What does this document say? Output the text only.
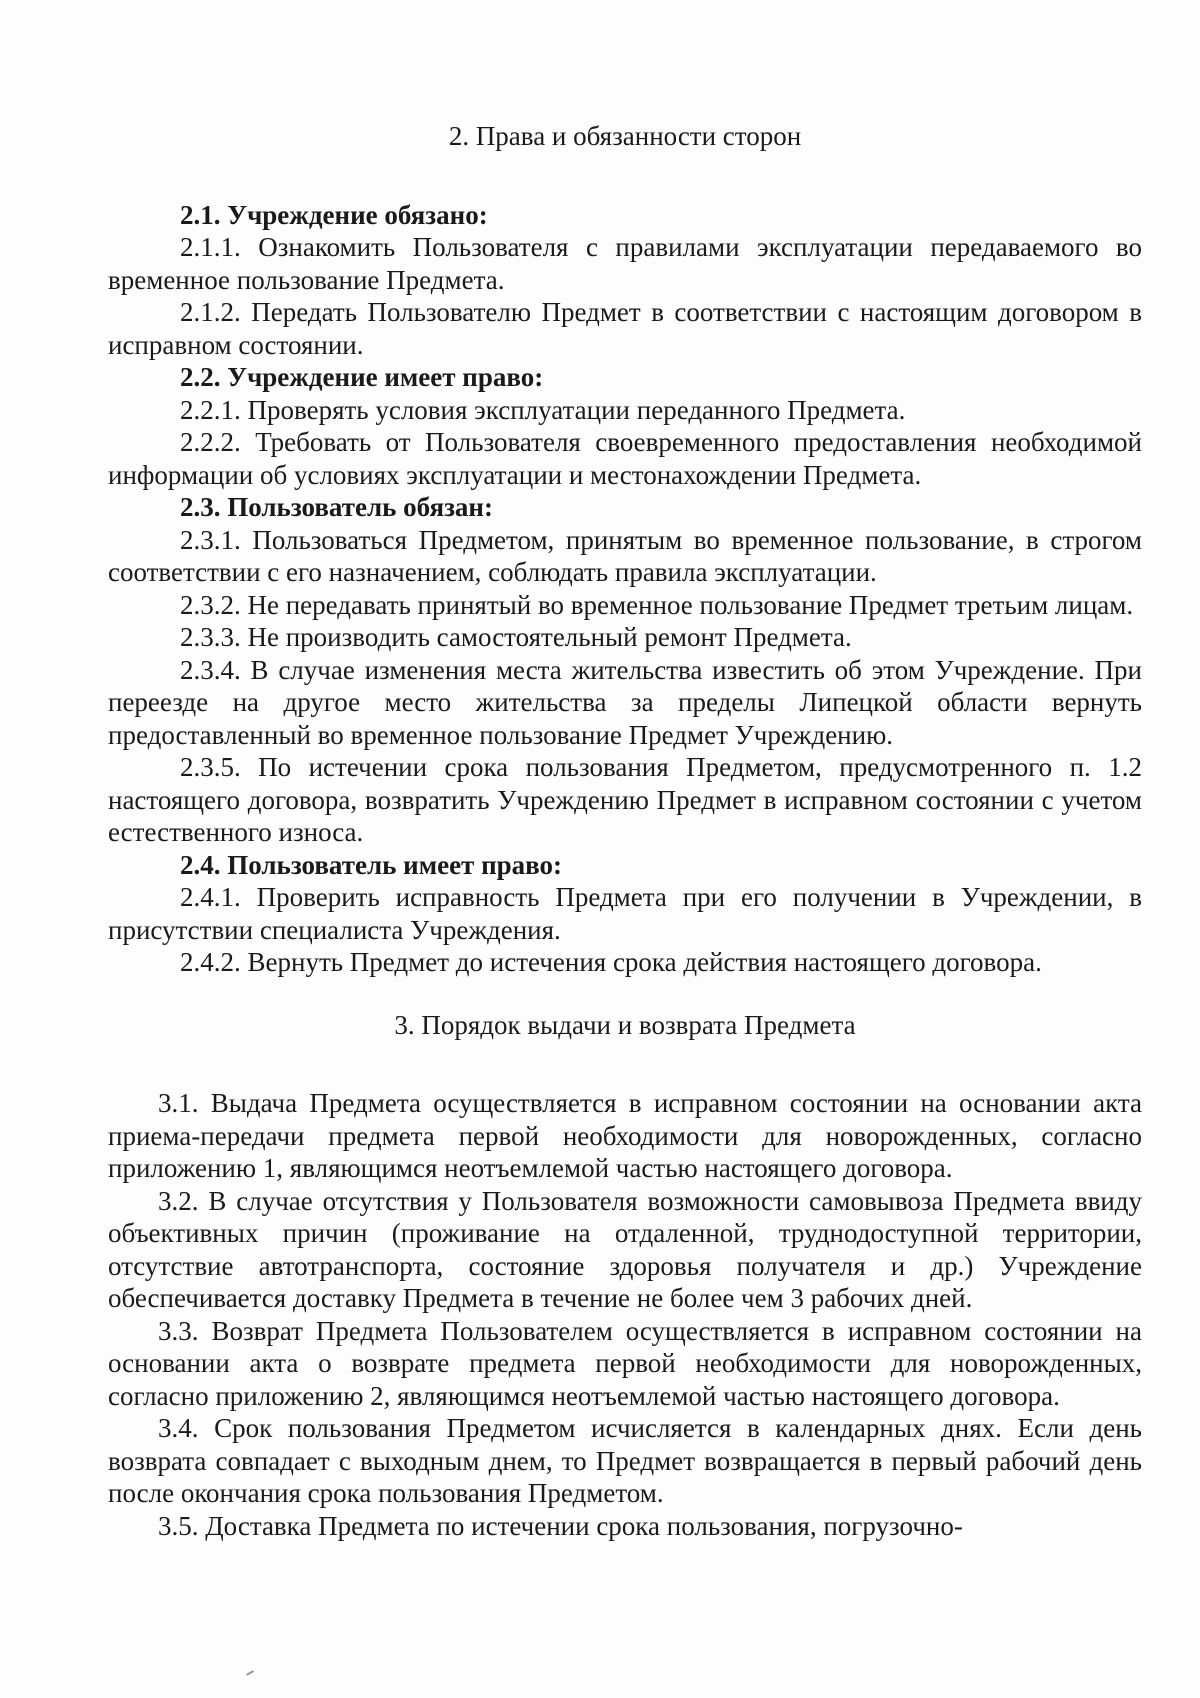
2. Права и обязанности сторон

2.1. Учреждение обязано:

2.1.1. Ознакомить Пользователя с правилами эксплуатации передаваемого во временное пользование Предмета.

2.1.2. Передать Пользователю Предмет в соответствии с настоящим договором в исправном состоянии.

2.2. Учреждение имеет право:

2.2.1. Проверять условия эксплуатации переданного Предмета.

2.2.2. Требовать от Пользователя своевременного предоставления необходимой информации об условиях эксплуатации и местонахождении Предмета.

2.3. Пользователь обязан:

2.3.1. Пользоваться Предметом, принятым во временное пользование, в строгом соответствии с его назначением, соблюдать правила эксплуатации.

2.3.2. Не передавать принятый во временное пользование Предмет третьим лицам.

2.3.3. Не производить самостоятельный ремонт Предмета.

2.3.4. В случае изменения места жительства известить об этом Учреждение. При переезде на другое место жительства за пределы Липецкой области вернуть предоставленный во временное пользование Предмет Учреждению.

2.3.5. По истечении срока пользования Предметом, предусмотренного п. 1.2 настоящего договора, возвратить Учреждению Предмет в исправном состоянии с учетом естественного износа.

2.4. Пользователь имеет право:

2.4.1. Проверить исправность Предмета при его получении в Учреждении, в присутствии специалиста Учреждения.

2.4.2. Вернуть Предмет до истечения срока действия настоящего договора.

3. Порядок выдачи и возврата Предмета

3.1. Выдача Предмета осуществляется в исправном состоянии на основании акта приема-передачи предмета первой необходимости для новорожденных, согласно приложению 1, являющимся неотъемлемой частью настоящего договора.

3.2. В случае отсутствия у Пользователя возможности самовывоза Предмета ввиду объективных причин (проживание на отдаленной, труднодоступной территории, отсутствие автотранспорта, состояние здоровья получателя и др.) Учреждение обеспечивается доставку Предмета в течение не более чем 3 рабочих дней.

3.3. Возврат Предмета Пользователем осуществляется в исправном состоянии на основании акта о возврате предмета первой необходимости для новорожденных, согласно приложению 2, являющимся неотъемлемой частью настоящего договора.

3.4. Срок пользования Предметом исчисляется в календарных днях. Если день возврата совпадает с выходным днем, то Предмет возвращается в первый рабочий день после окончания срока пользования Предметом.

3.5. Доставка Предмета по истечении срока пользования, погрузочно-
